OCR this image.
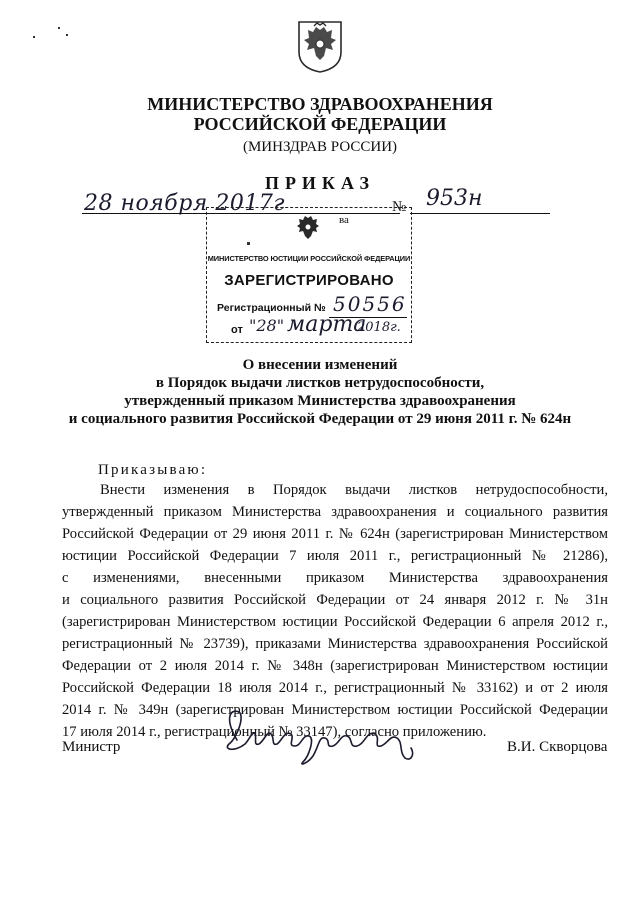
МИНИСТЕРСТВО ЗДРАВООХРАНЕНИЯ
РОССИЙСКОЙ ФЕДЕРАЦИИ
(МИНЗДРАВ РОССИИ)
ПРИКАЗ
28 ноября 2017г	№ 953н
ва
МИНИСТЕРСТВО ЮСТИЦИИ РОССИЙСКОЙ ФЕДЕРАЦИИ
ЗАРЕГИСТРИРОВАНО
Регистрационный № 50556
от "28" марта
2018г.
О внесении изменений
в Порядок выдачи листков нетрудоспособности,
утвержденный приказом Министерства здравоохранения
и социального развития Российской Федерации от 29 июня 2011 г. № 624н
Приказываю:
Внести изменения в Порядок выдачи листков нетрудоспособности,
утвержденный приказом Министерства здравоохранения и социального развития
Российской Федерации от 29 июня 2011 г. № 624н (зарегистрирован Министерством
юстиции Российской Федерации 7 июля 2011 г., регистрационный № 21286),
с изменениями, внесенными приказом Министерства здравоохранения
и социального развития Российской Федерации от 24 января 2012 г. № 31н
(зарегистрирован Министерством юстиции Российской Федерации 6 апреля 2012 г.,
регистрационный № 23739), приказами Министерства здравоохранения Российской
Федерации от 2 июля 2014 г. № 348н (зарегистрирован Министерством юстиции
Российской Федерации 18 июля 2014 г., регистрационный № 33162) и от 2 июля
2014 г. № 349н (зарегистрирован Министерством юстиции Российской Федерации
17 июля 2014 г., регистрационный № 33147), согласно приложению.
Министр	В.И. Скворцова
